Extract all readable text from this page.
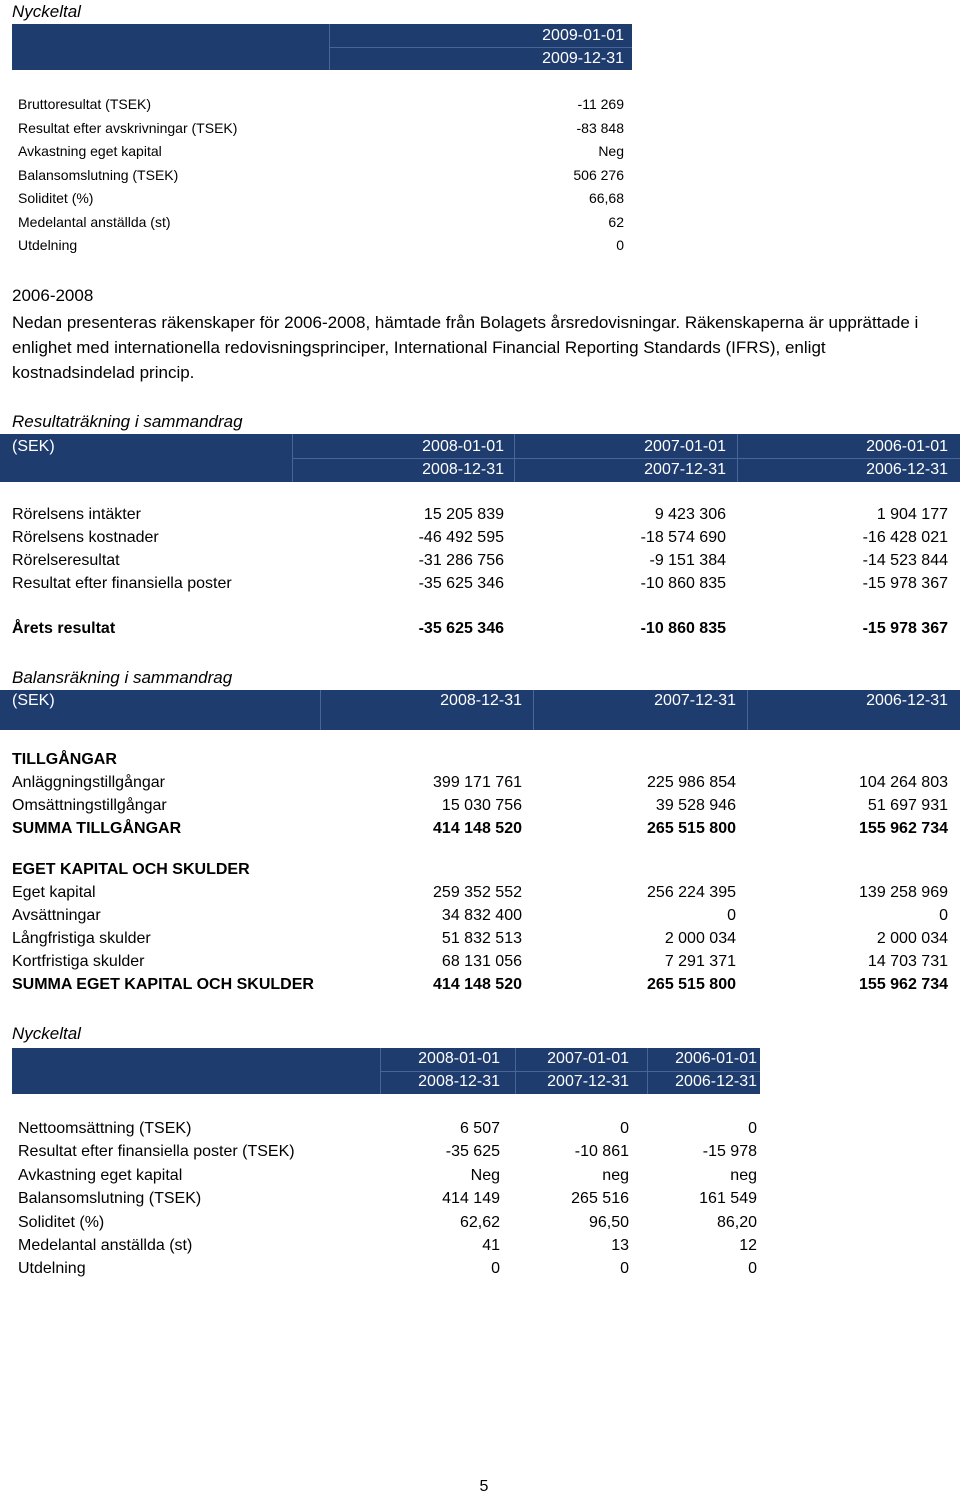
Nyckeltal
2009-01-01
2009-12-31
Bruttoresultat (TSEK)	-11 269
Resultat efter avskrivningar (TSEK)	-83 848
Avkastning eget kapital	Neg
Balansomslutning (TSEK)	506 276
Soliditet (%)	66,68
Medelantal anställda (st)	62
Utdelning	0
2006-2008
Nedan presenteras räkenskaper för 2006-2008, hämtade från Bolagets årsredovisningar. Räkenskaperna är upprättade i enlighet med internationella redovisningsprinciper, International Financial Reporting Standards (IFRS), enligt kostnadsindelad princip.
Resultaträkning i sammandrag
(SEK)	2008-01-01
2008-12-31
2007-01-01
2007-12-31
2006-01-01
2006-12-31
Rörelsens intäkter	15 205 839	9 423 306	1 904 177
Rörelsens kostnader	-46 492 595	-18 574 690	-16 428 021
Rörelseresultat	-31 286 756	-9 151 384	-14 523 844
Resultat efter finansiella poster	-35 625 346	-10 860 835	-15 978 367
Årets resultat	-35 625 346	-10 860 835	-15 978 367
Balansräkning i sammandrag
(SEK)	2008-12-31	2007-12-31	2006-12-31
TILLGÅNGAR
Anläggningstillgångar	399 171 761	225 986 854	104 264 803
Omsättningstillgångar	15 030 756	39 528 946	51 697 931
SUMMA TILLGÅNGAR	414 148 520	265 515 800	155 962 734
EGET KAPITAL OCH SKULDER
Eget kapital	259 352 552	256 224 395	139 258 969
Avsättningar	34 832 400	0	0
Långfristiga skulder	51 832 513	2 000 034	2 000 034
Kortfristiga skulder	68 131 056	7 291 371	14 703 731
SUMMA EGET KAPITAL OCH SKULDER	414 148 520	265 515 800	155 962 734
Nyckeltal
2008-01-01
2008-12-31
2007-01-01
2007-12-31
2006-01-01
2006-12-31
Nettoomsättning (TSEK)	6 507	0	0
Resultat efter finansiella poster (TSEK)	-35 625	-10 861	-15 978
Avkastning eget kapital	Neg	neg	neg
Balansomslutning (TSEK)	414 149	265 516	161 549
Soliditet (%)	62,62	96,50	86,20
Medelantal anställda (st)	41	13	12
Utdelning	0	0	0
5
